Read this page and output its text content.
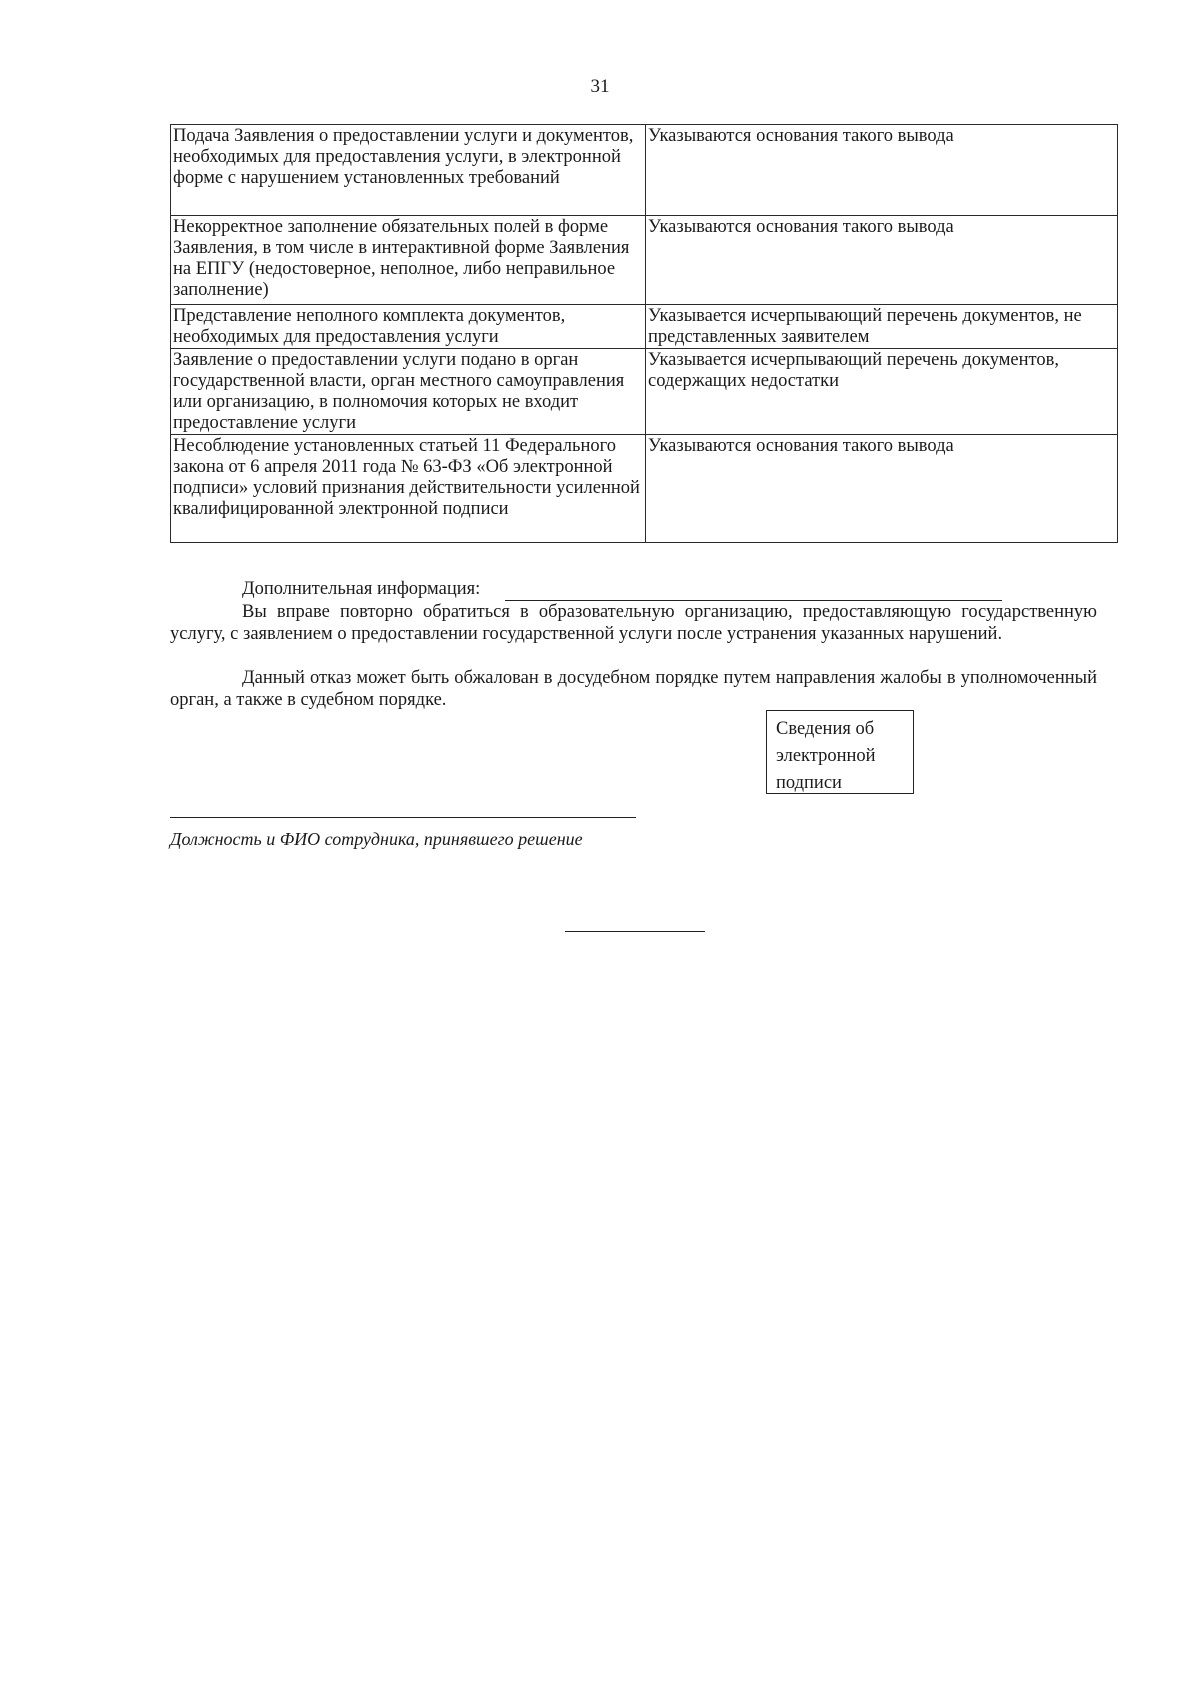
31
Подача Заявления о предоставлении услуги и документов, необходимых для предоставления услуги, в электронной форме с нарушением установленных требований	Указываются основания такого вывода
Некорректное заполнение обязательных полей в форме Заявления, в том числе в интерактивной форме Заявления на ЕПГУ (недостоверное, неполное, либо неправильное заполнение)	Указываются основания такого вывода
Представление неполного комплекта документов, необходимых для предоставления услуги	Указывается исчерпывающий перечень документов, не представленных заявителем
Заявление о предоставлении услуги подано в орган государственной власти, орган местного самоуправления или организацию, в полномочия которых не входит предоставление услуги	Указывается исчерпывающий перечень документов, содержащих недостатки
Несоблюдение установленных статьей 11 Федерального закона от 6 апреля 2011 года № 63-ФЗ «Об электронной подписи» условий признания действительности усиленной квалифицированной электронной подписи	Указываются основания такого вывода
Дополнительная информация:
Вы вправе повторно обратиться в образовательную организацию, предоставляющую государственную услугу, с заявлением о предоставлении государственной услуги после устранения указанных нарушений.
Данный отказ может быть обжалован в досудебном порядке путем направления жалобы в уполномоченный орган, а также в судебном порядке.
Сведения об
электронной
подписи
Должность и ФИО сотрудника, принявшего решение
